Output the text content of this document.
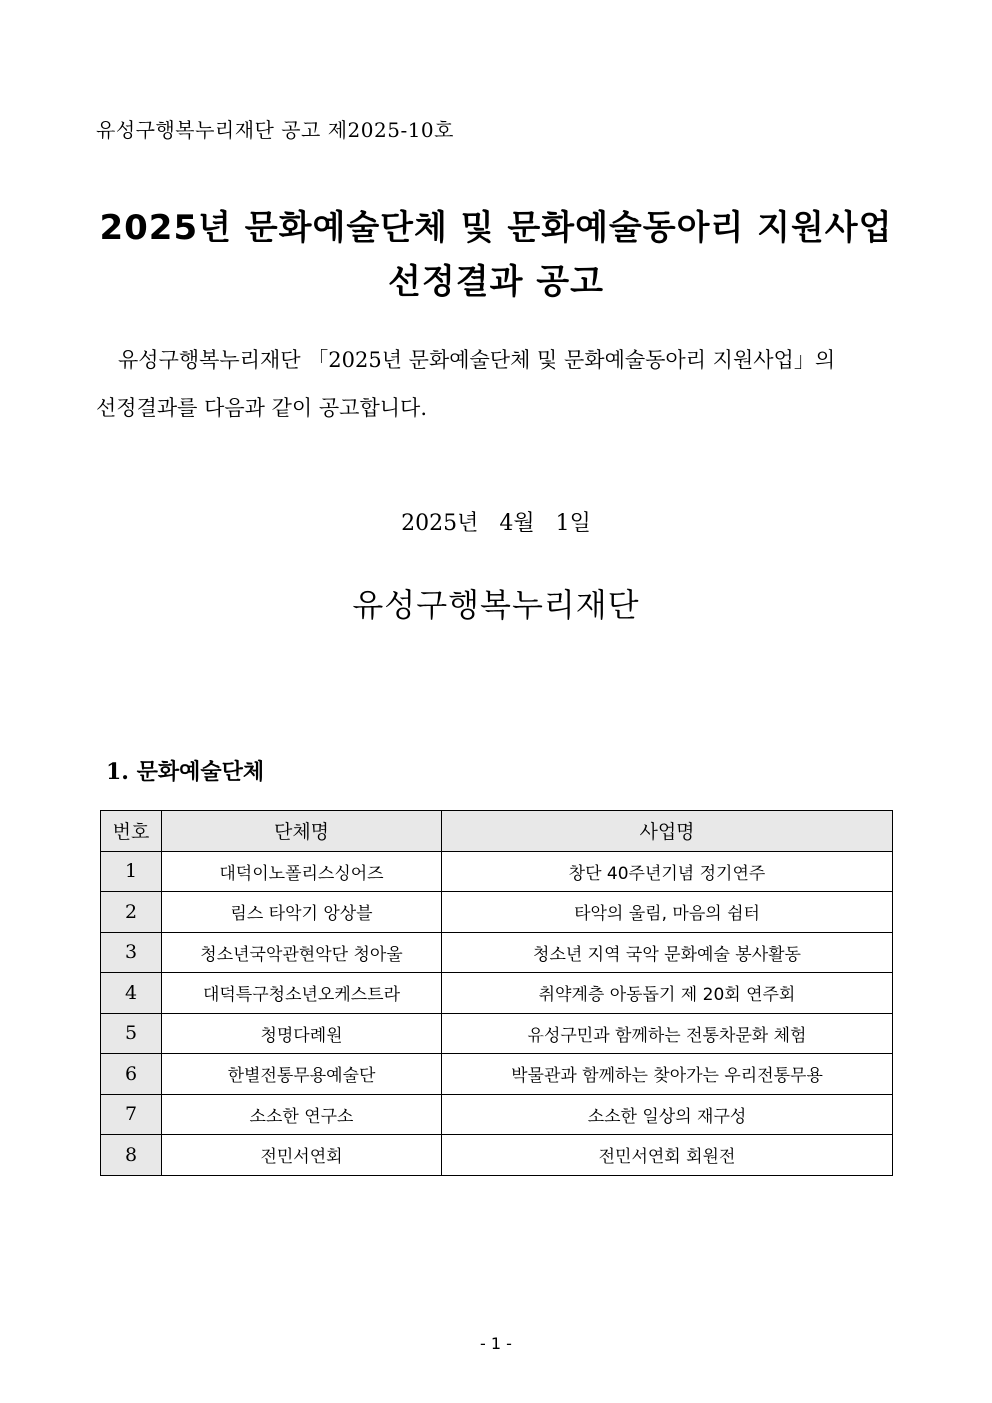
유성구행복누리재단 공고 제2025-10호
2025년 문화예술단체 및 문화예술동아리 지원사업
선정결과 공고

유성구행복누리재단 「2025년 문화예술단체 및 문화예술동아리 지원사업」의

선정결과를 다음과 같이 공고합니다.

2025년 4월 1일
유성구행복누리재단
1. 문화예술단체
번호	단체명	사업명
1	대덕이노폴리스싱어즈	창단 40주년기념 정기연주
2	림스 타악기 앙상블	타악의 울림, 마음의 쉼터
3	청소년국악관현악단 청아울	청소년 지역 국악 문화예술 봉사활동
4	대덕특구청소년오케스트라	취약계층 아동돕기 제 20회 연주회
5	청명다례원	유성구민과 함께하는 전통차문화 체험
6	한별전통무용예술단	박물관과 함께하는 찾아가는 우리전통무용
7	소소한 연구소	소소한 일상의 재구성
8	전민서연회	전민서연회 회원전
- 1 -
